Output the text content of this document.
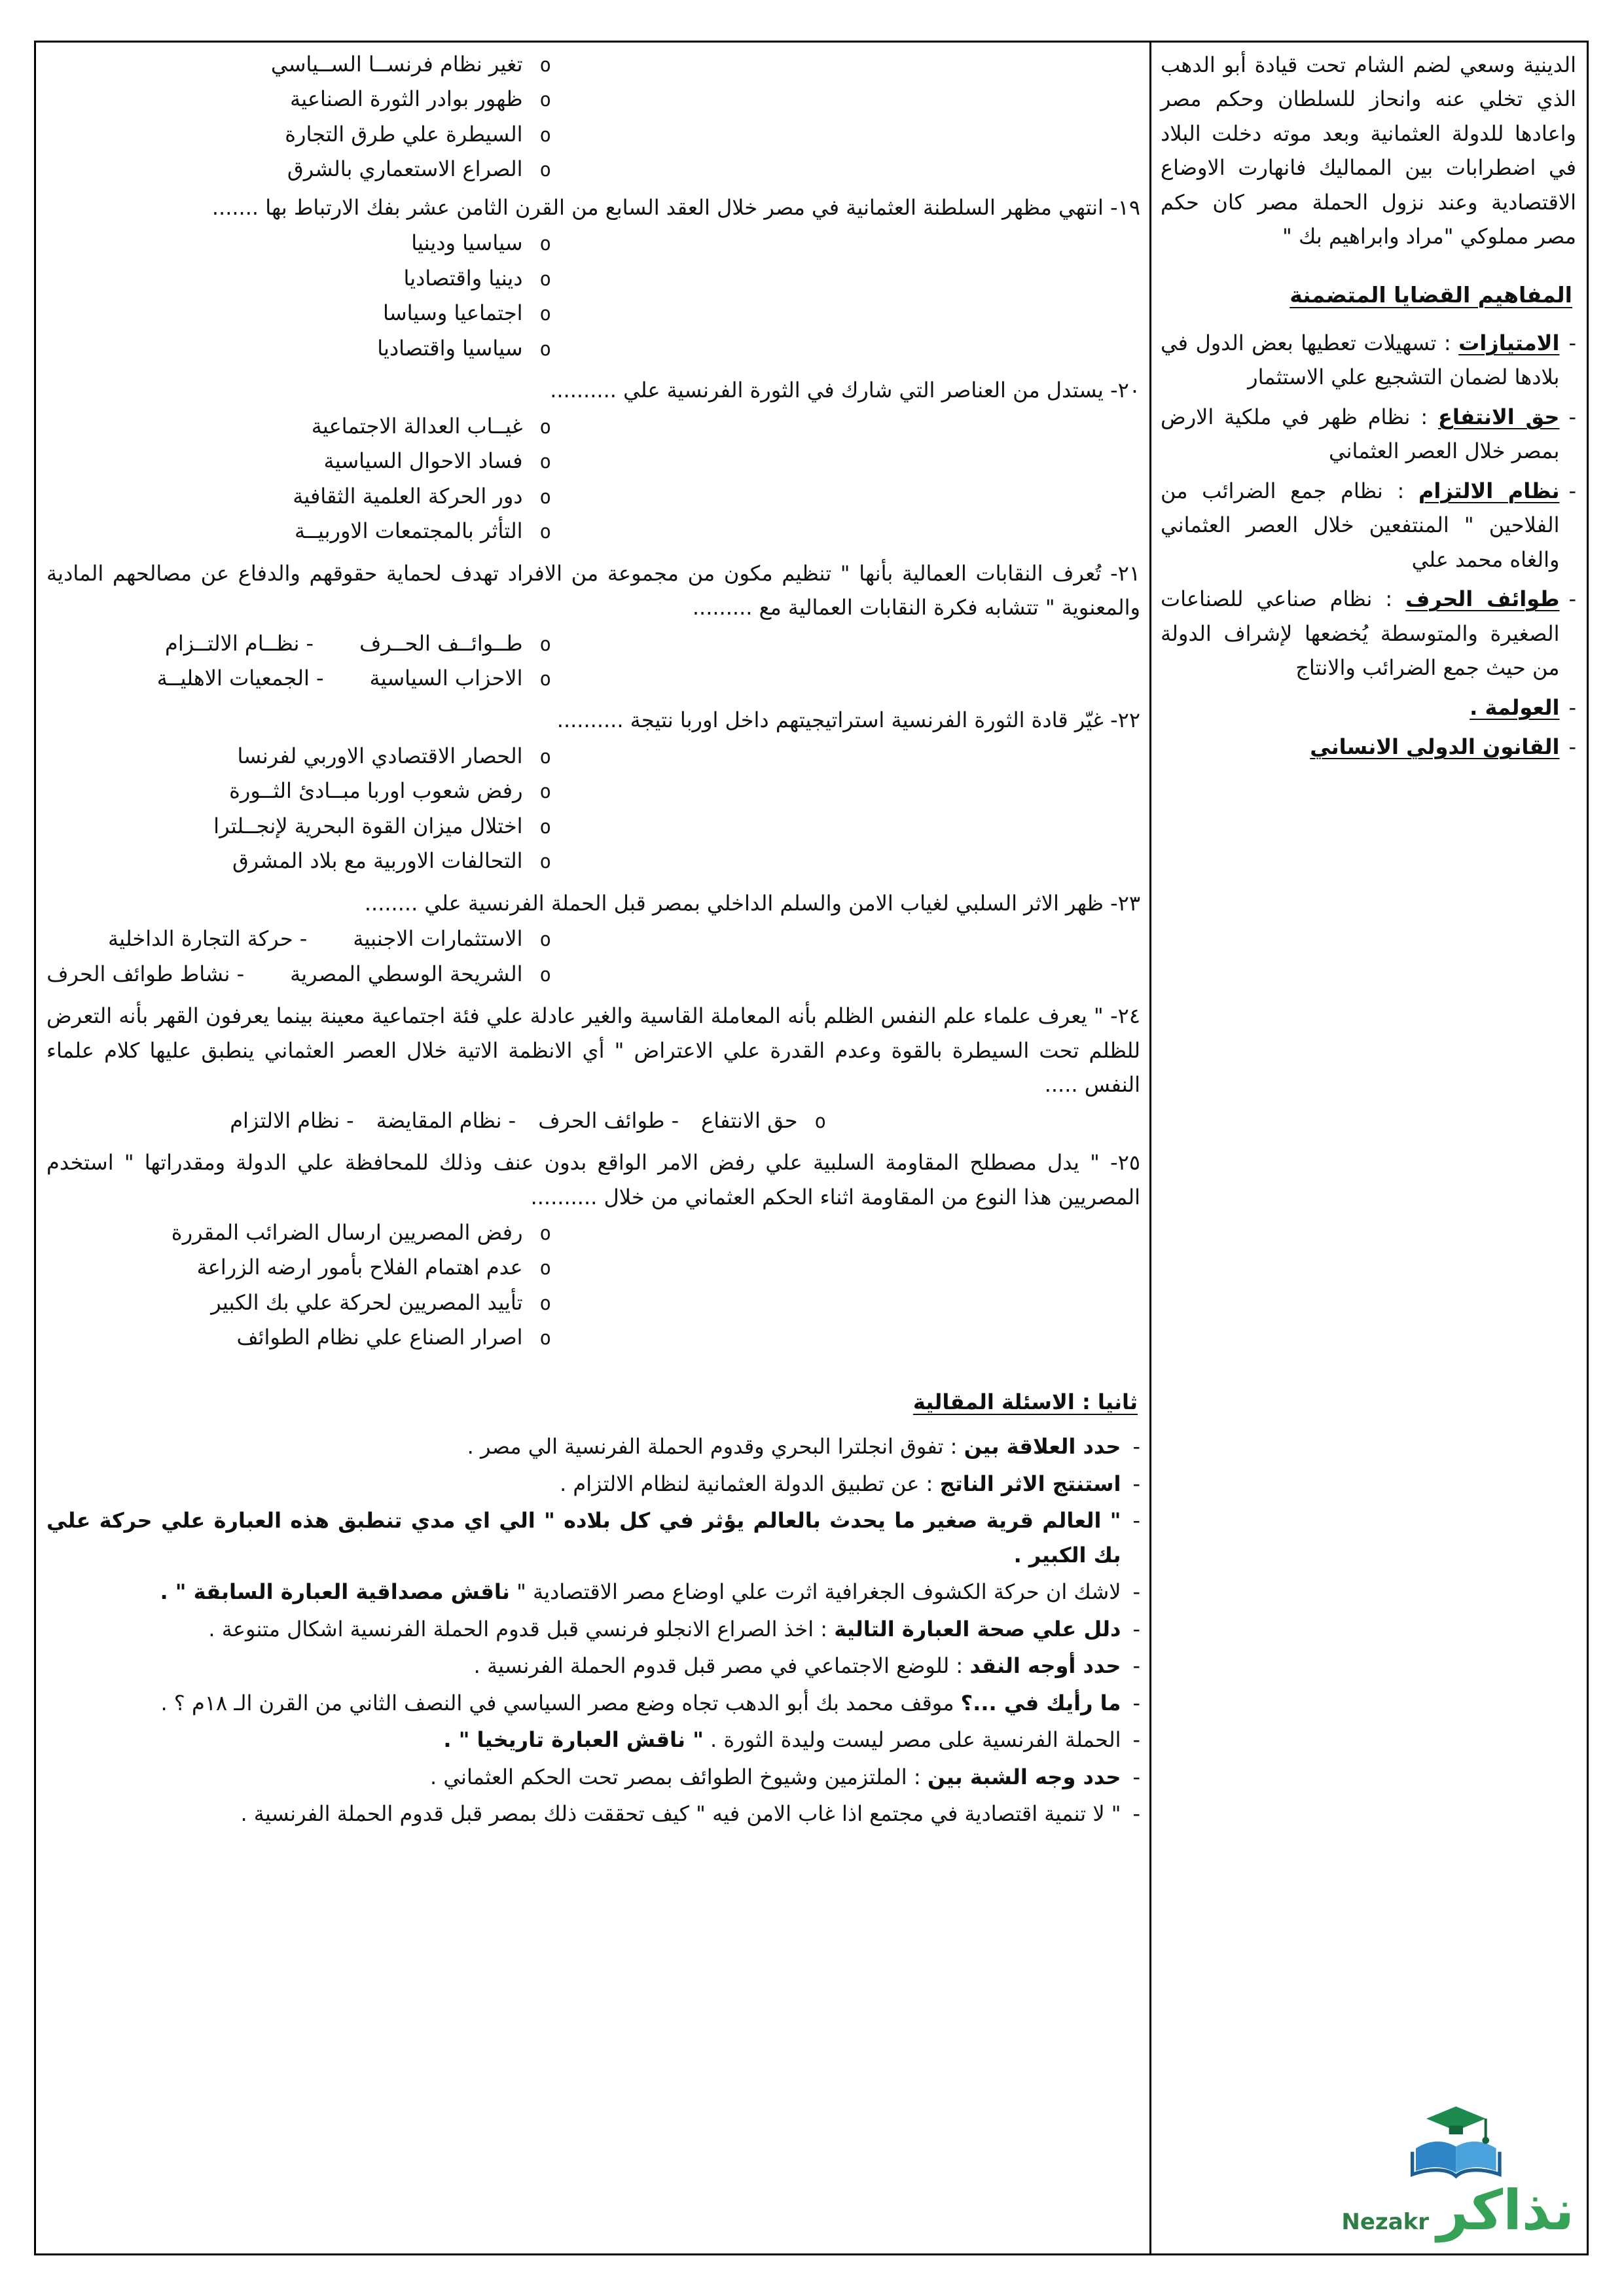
الدينية وسعي لضم الشام تحت قيادة أبو الدهب الذي تخلي عنه وانحاز للسلطان وحكم مصر واعادها للدولة العثمانية وبعد موته دخلت البلاد في اضطرابات بين المماليك فانهارت الاوضاع الاقتصادية وعند نزول الحملة مصر كان حكم مصر مملوكي "مراد وابراهيم بك "

المفاهيم القضايا المتضمنة
-
الامتيازات : تسهيلات تعطيها بعض الدول في بلادها لضمان التشجيع علي الاستثمار
-
حق الانتفاع : نظام ظهر في ملكية الارض بمصر خلال العصر العثماني
-
نظام الالتزام : نظام جمع الضرائب من الفلاحين " المنتفعين خلال العصر العثماني والغاه محمد علي
-
طوائف الحرف : نظام صناعي للصناعات الصغيرة والمتوسطة يُخضعها لإشراف الدولة من حيث جمع الضرائب والانتاج
-
العولمة .
-
القانون الدولي الانساني
o
تغير نظام فرنســا الســياسي
o
ظهور بوادر الثورة الصناعية
o
السيطرة علي طرق التجارة
o
الصراع الاستعماري بالشرق

١٩- انتهي مظهر السلطنة العثمانية في مصر خلال العقد السابع من القرن الثامن عشر بفك الارتباط بها .......

o
سياسيا ودينيا
o
دينيا واقتصاديا
o
اجتماعيا وسياسا
o
سياسيا واقتصاديا

٢٠- يستدل من العناصر التي شارك في الثورة الفرنسية علي ..........

o
غيــاب العدالة الاجتماعية
o
فساد الاحوال السياسية
o
دور الحركة العلمية الثقافية
o
التأثر بالمجتمعات الاوربيــة

٢١- تُعرف النقابات العمالية بأنها " تنظيم مكون من مجموعة من الافراد تهدف لحماية حقوقهم والدفاع عن مصالحهم المادية والمعنوية " تتشابه فكرة النقابات العمالية مع .........

o
طــوائــف الحــرف
- نظــام الالتــزام
o
الاحزاب السياسية
- الجمعيات الاهليــة

٢٢- غيّر قادة الثورة الفرنسية استراتيجيتهم داخل اوربا نتيجة ..........

o
الحصار الاقتصادي الاوربي لفرنسا
o
رفض شعوب اوربا مبــادئ الثــورة
o
اختلال ميزان القوة البحرية لإنجــلترا
o
التحالفات الاوربية مع بلاد المشرق

٢٣- ظهر الاثر السلبي لغياب الامن والسلم الداخلي بمصر قبل الحملة الفرنسية علي ........

o
الاستثمارات الاجنبية
- حركة التجارة الداخلية
o
الشريحة الوسطي المصرية
- نشاط طوائف الحرف

٢٤- " يعرف علماء علم النفس الظلم بأنه المعاملة القاسية والغير عادلة علي فئة اجتماعية معينة بينما يعرفون القهر بأنه التعرض للظلم تحت السيطرة بالقوة وعدم القدرة علي الاعتراض " أي الانظمة الاتية خلال العصر العثماني ينطبق عليها كلام علماء النفس .....

o
حق الانتفاع
- طوائف الحرف
- نظام المقايضة
- نظام الالتزام

٢٥- " يدل مصطلح المقاومة السلبية علي رفض الامر الواقع بدون عنف وذلك للمحافظة علي الدولة ومقدراتها " استخدم المصريين هذا النوع من المقاومة اثناء الحكم العثماني من خلال ..........

o
رفض المصريين ارسال الضرائب المقررة
o
عدم اهتمام الفلاح بأمور ارضه الزراعة
o
تأييد المصريين لحركة علي بك الكبير
o
اصرار الصناع علي نظام الطوائف
ثانيا : الاسئلة المقالية
-
حدد العلاقة بين : تفوق انجلترا البحري وقدوم الحملة الفرنسية الي مصر .
-
استنتج الاثر الناتج : عن تطبيق الدولة العثمانية لنظام الالتزام .
-
" العالم قرية صغير ما يحدث بالعالم يؤثر في كل بلاده " الي اي مدي تنطبق هذه العبارة علي حركة علي بك الكبير .
-
لاشك ان حركة الكشوف الجغرافية اثرت علي اوضاع مصر الاقتصادية " ناقش مصداقية العبارة السابقة " .
-
دلل علي صحة العبارة التالية : اخذ الصراع الانجلو فرنسي قبل قدوم الحملة الفرنسية اشكال متنوعة .
-
حدد أوجه النقد : للوضع الاجتماعي في مصر قبل قدوم الحملة الفرنسية .
-
ما رأيك في ...؟ موقف محمد بك أبو الدهب تجاه وضع مصر السياسي في النصف الثاني من القرن الـ ١٨م ؟ .
-
الحملة الفرنسية على مصر ليست وليدة الثورة . " ناقش العبارة تاريخيا " .
-
حدد وجه الشبة بين : الملتزمين وشيوخ الطوائف بمصر تحت الحكم العثماني .
-
" لا تنمية اقتصادية في مجتمع اذا غاب الامن فيه " كيف تحققت ذلك بمصر قبل قدوم الحملة الفرنسية .
نذاكر
Nezakr
